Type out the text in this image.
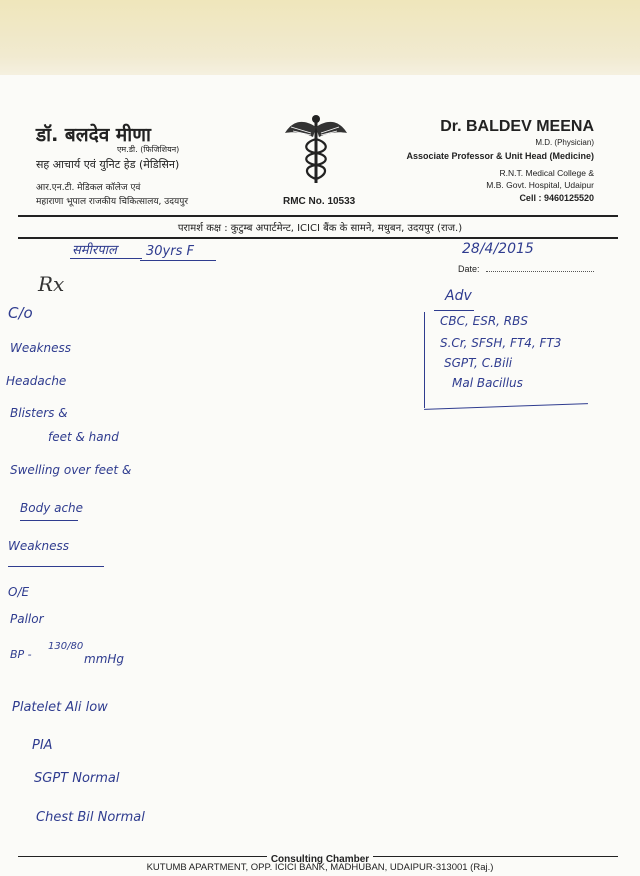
डॉ. बलदेव मीणा
एम.डी. (फिजिशियन)
सह आचार्य एवं युनिट हेड (मेडिसिन)
आर.एन.टी. मेडिकल कॉलेज एवं
महाराणा भूपाल राजकीय चिकित्सालय, उदयपुर	RMC No. 10533
Dr. BALDEV MEENA
M.D. (Physician)
Associate Professor & Unit Head (Medicine)
R.N.T. Medical College &
M.B. Govt. Hospital, Udaipur
Cell : 9460125520
परामर्श कक्ष : कुटुम्ब अपार्टमेन्ट, ICICI बैंक के सामने, मधुबन, उदयपुर (राज.)
समीरपाल 30yrs F	28/4/2015
Date:
Rx
C/o
Weakness
Headache
Blisters &
feet & hand
Swelling over feet &
Body ache
Weakness
O/E
Pallor
BP -
130/80
mmHg
Platelet Ali low
PIA
SGPT Normal
Chest Bil Normal
Adv
CBC, ESR, RBS
S.Cr, SFSH, FT4, FT3
SGPT, C.Bili
Mal Bacillus
Consulting Chamber
KUTUMB APARTMENT, OPP. ICICI BANK, MADHUBAN, UDAIPUR-313001 (Raj.)
